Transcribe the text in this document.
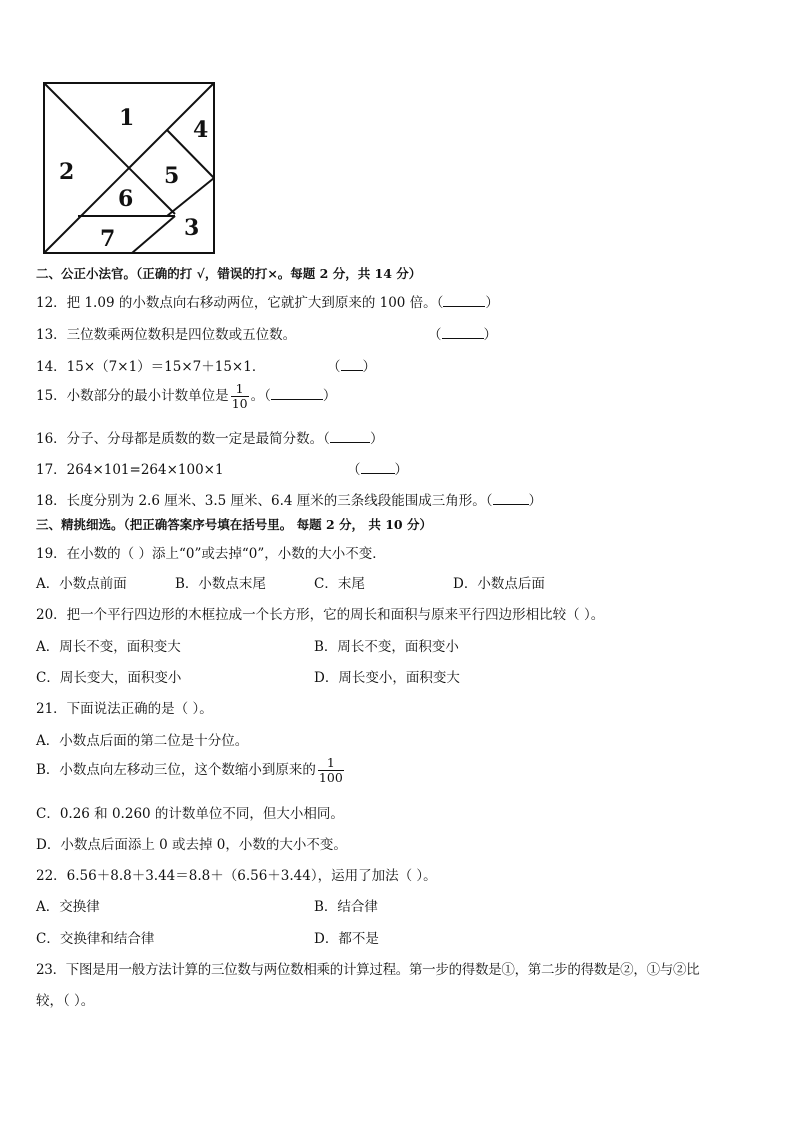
1
2
3
4
5
6
7
二、公正小法官。（正确的打 √，错误的打×。每题 2 分，共 14 分）
12．把 1.09 的小数点向右移动两位，它就扩大到原来的 100 倍。（	）
13．三位数乘两位数积是四位数或五位数。	（	）
14．15×（7×1）＝15×7＋15×1．	（ ）
15．小数部分的最小计数单位是 $\frac{1}{10}$ 。（	）
16．分子、分母都是质数的数一定是最简分数。（	）
17．264×101=264×100×1	（	）
18．长度分别为 2.6 厘米、3.5 厘米、6.4 厘米的三条线段能围成三角形。（	）
三、精挑细选。（把正确答案序号填在括号里。 每题 2 分， 共 10 分）
19．在小数的（ ）添上“0”或去掉“0”，小数的大小不变．
A．小数点前面	B．小数点末尾	C．末尾	D．小数点后面
20．把一个平行四边形的木框拉成一个长方形，它的周长和面积与原来平行四边形相比较（ ）。
A．周长不变，面积变大	B．周长不变，面积变小
C．周长变大，面积变小	D．周长变小，面积变大
21．下面说法正确的是（ ）。
A．小数点后面的第二位是十分位。
B．小数点向左移动三位，这个数缩小到原来的 $\frac{1}{100}$
C．0.26 和 0.260 的计数单位不同，但大小相同。
D．小数点后面添上 0 或去掉 0，小数的大小不变。
22．6.56＋8.8＋3.44＝8.8＋（6.56＋3.44），运用了加法（ ）。
A．交换律	B．结合律
C．交换律和结合律	D．都不是
23．下图是用一般方法计算的三位数与两位数相乘的计算过程。第一步的得数是①，第二步的得数是②，①与②比
较，（ ）。
